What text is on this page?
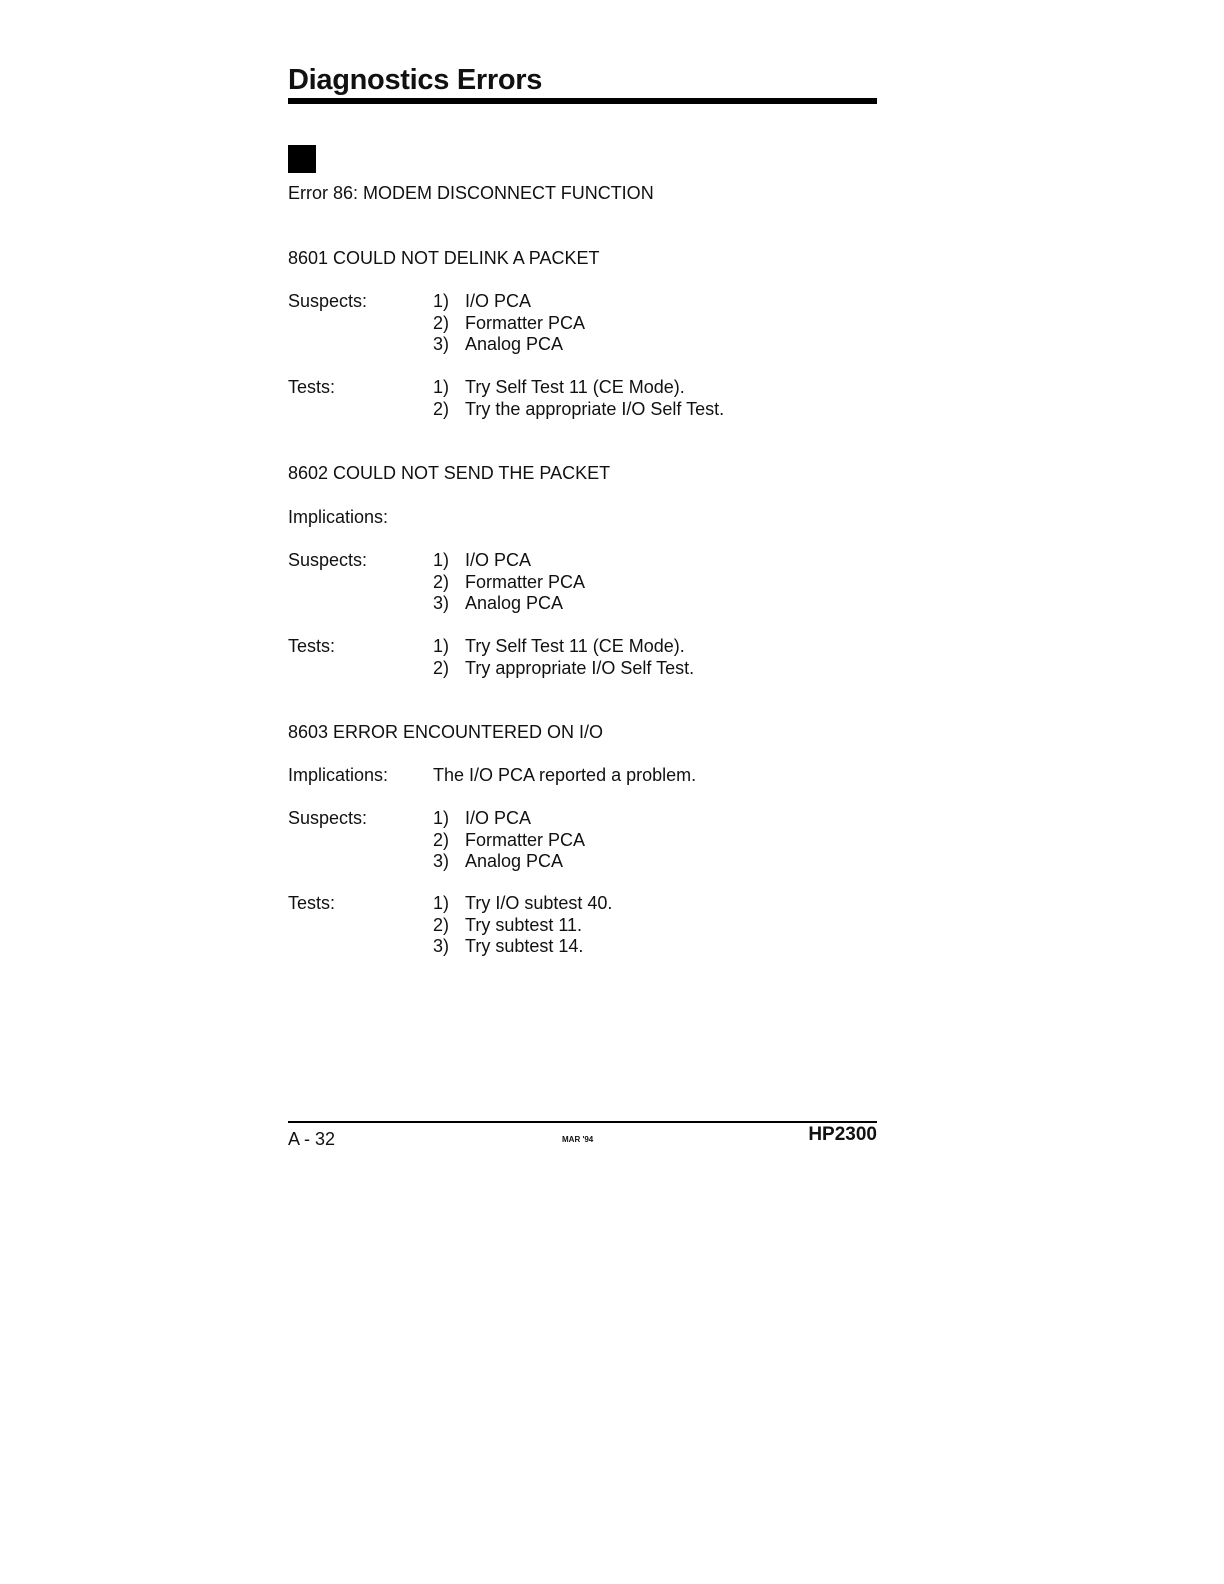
Diagnostics Errors
Error 86: MODEM DISCONNECT FUNCTION
8601 COULD NOT DELINK A PACKET
Suspects:	1) I/O PCA
2) Formatter PCA
3) Analog PCA
Tests:	1) Try Self Test 11 (CE Mode).
2) Try the appropriate I/O Self Test.
8602 COULD NOT SEND THE PACKET
Implications:
Suspects:	1) I/O PCA
2) Formatter PCA
3) Analog PCA
Tests:	1) Try Self Test 11 (CE Mode).
2) Try appropriate I/O Self Test.
8603 ERROR ENCOUNTERED ON I/O
Implications: The I/O PCA reported a problem.
Suspects:	1) I/O PCA
2) Formatter PCA
3) Analog PCA
Tests:	1) Try I/O subtest 40.
2) Try subtest 11.
3) Try subtest 14.
A - 32	MAR '94	HP2300
